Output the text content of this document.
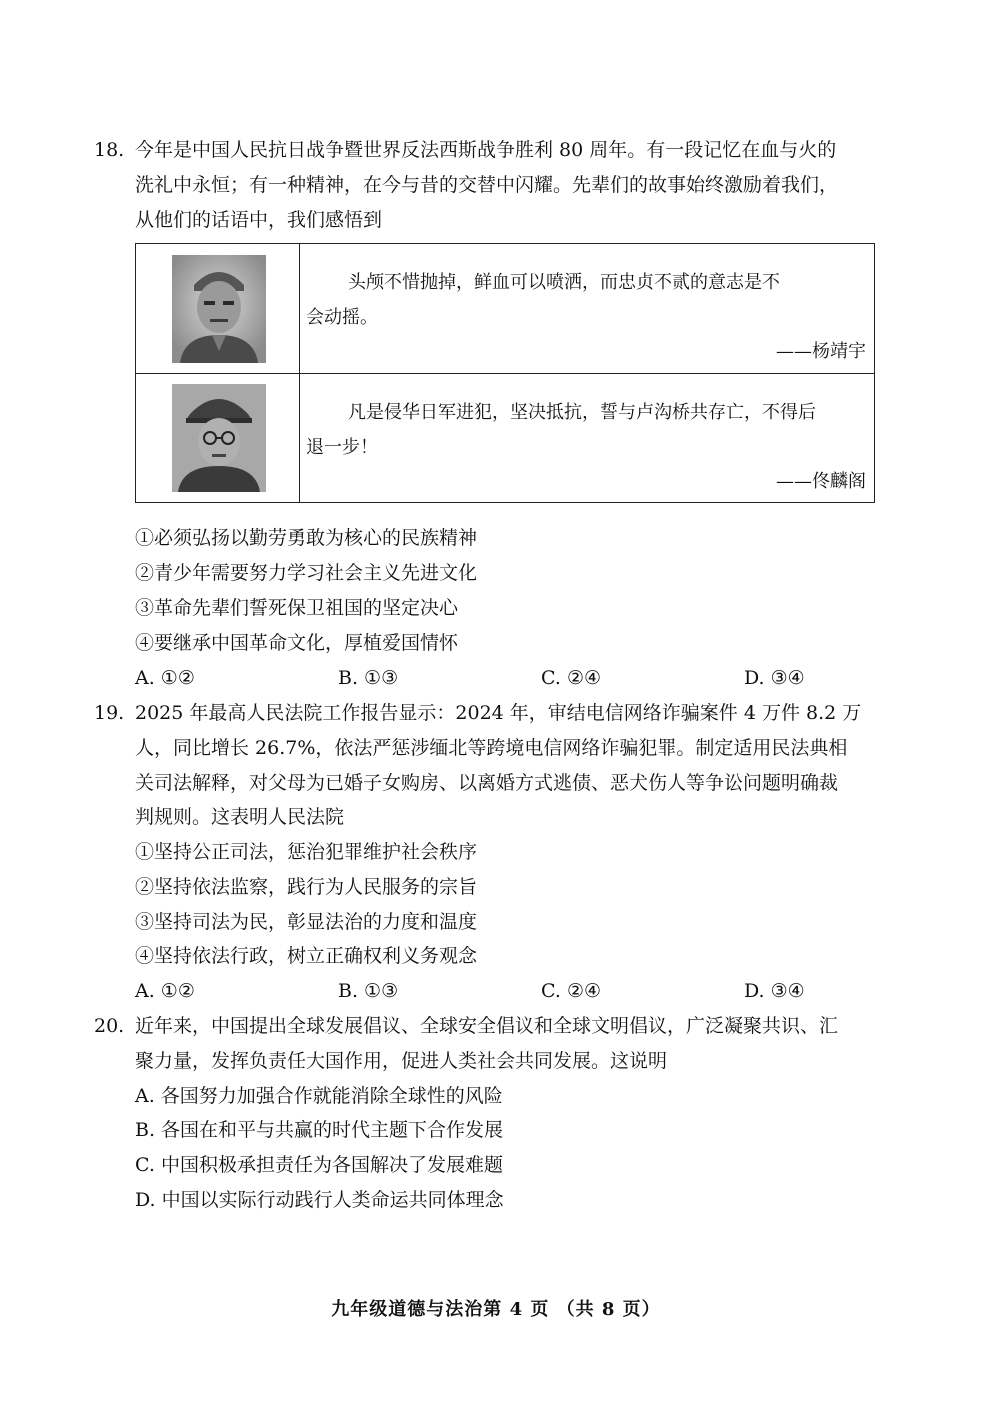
18. 今年是中国人民抗日战争暨世界反法西斯战争胜利 80 周年。有一段记忆在血与火的
洗礼中永恒；有一种精神，在今与昔的交替中闪耀。先辈们的故事始终激励着我们，
从他们的话语中，我们感悟到
头颅不惜抛掉，鲜血可以喷洒，而忠贞不贰的意志是不
会动摇。
——杨靖宇
凡是侵华日军进犯，坚决抵抗，誓与卢沟桥共存亡，不得后
退一步！
——佟麟阁
①必须弘扬以勤劳勇敢为核心的民族精神
②青少年需要努力学习社会主义先进文化
③革命先辈们誓死保卫祖国的坚定决心
④要继承中国革命文化，厚植爱国情怀
A. ①②	B. ①③	C. ②④	D. ③④
19. 2025 年最高人民法院工作报告显示：2024 年，审结电信网络诈骗案件 4 万件 8.2 万
人，同比增长 26.7%，依法严惩涉缅北等跨境电信网络诈骗犯罪。制定适用民法典相
关司法解释，对父母为已婚子女购房、以离婚方式逃债、恶犬伤人等争讼问题明确裁
判规则。这表明人民法院
①坚持公正司法，惩治犯罪维护社会秩序
②坚持依法监察，践行为人民服务的宗旨
③坚持司法为民，彰显法治的力度和温度
④坚持依法行政，树立正确权利义务观念
A. ①②	B. ①③	C. ②④	D. ③④
20. 近年来，中国提出全球发展倡议、全球安全倡议和全球文明倡议，广泛凝聚共识、汇
聚力量，发挥负责任大国作用，促进人类社会共同发展。这说明
A. 各国努力加强合作就能消除全球性的风险
B. 各国在和平与共赢的时代主题下合作发展
C. 中国积极承担责任为各国解决了发展难题
D. 中国以实际行动践行人类命运共同体理念
九年级道德与法治第 4 页 （共 8 页）
